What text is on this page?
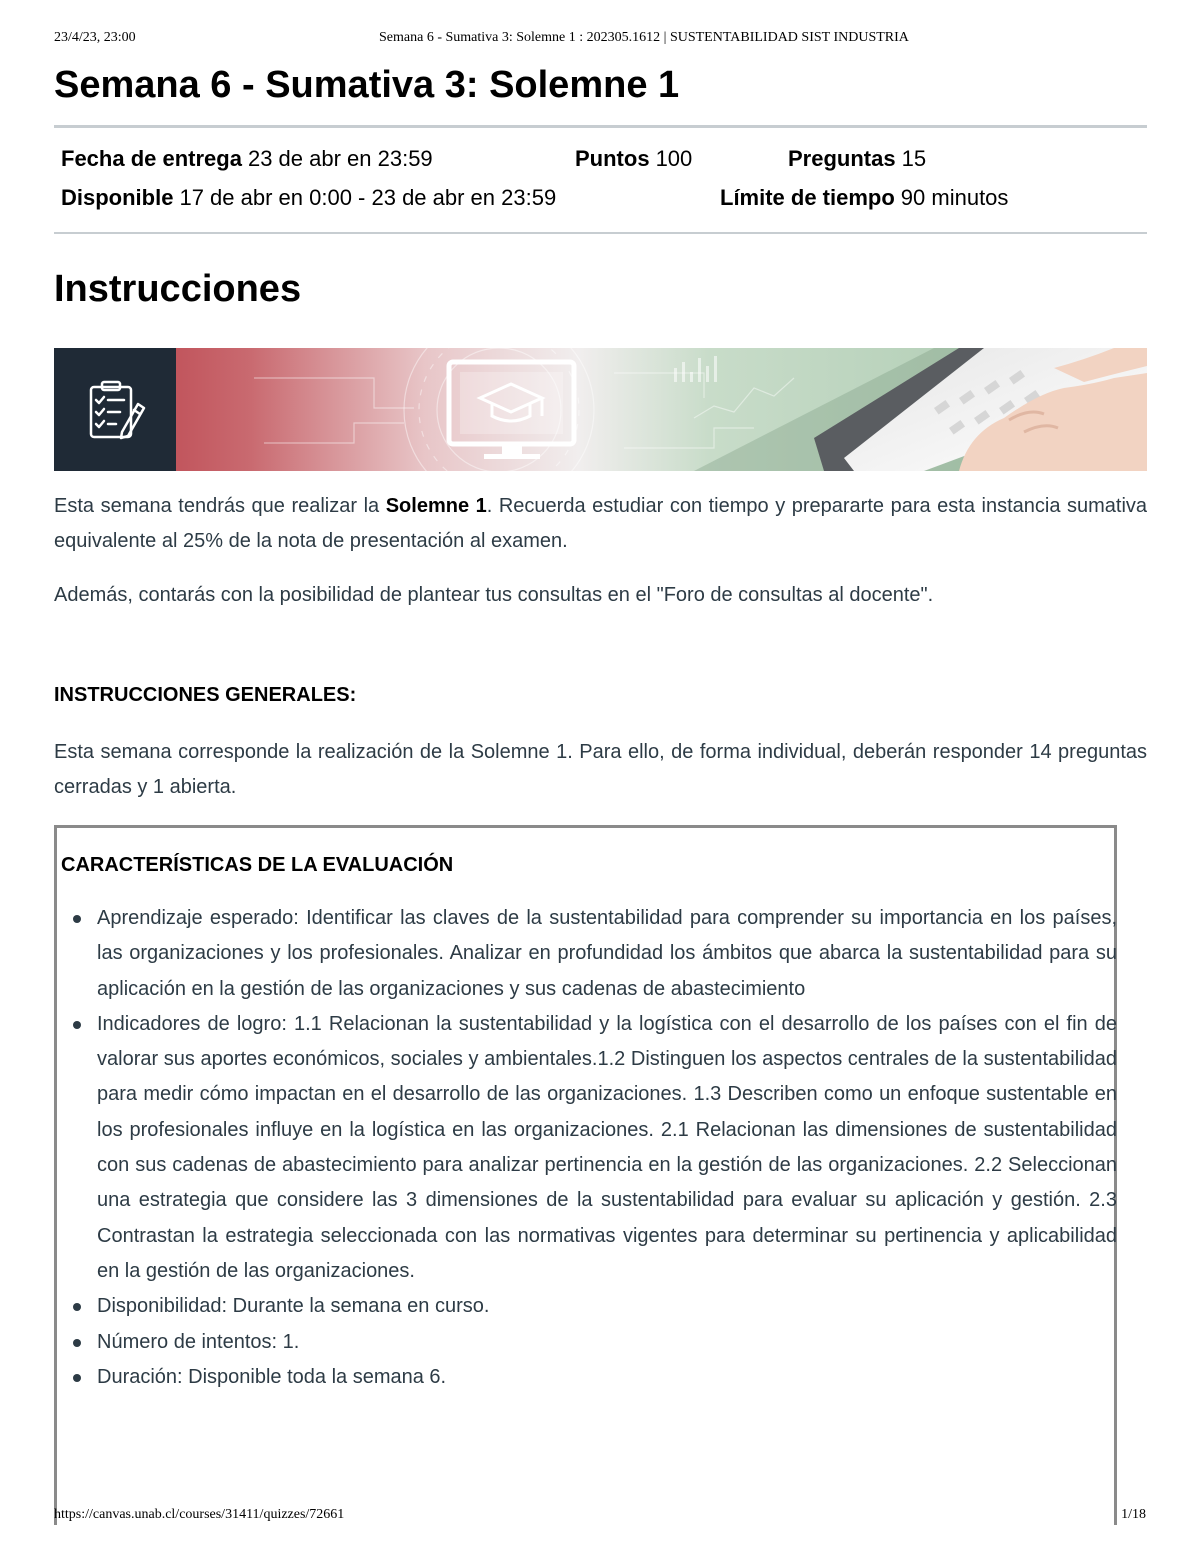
23/4/23, 23:00	Semana 6 - Sumativa 3: Solemne 1 : 202305.1612 | SUSTENTABILIDAD SIST INDUSTRIA
Semana 6 - Sumativa 3: Solemne 1
Fecha de entrega 23 de abr en 23:59	Puntos 100	Preguntas 15
Disponible 17 de abr en 0:00 - 23 de abr en 23:59	Límite de tiempo 90 minutos
Instrucciones

Esta semana tendrás que realizar la Solemne 1. Recuerda estudiar con tiempo y prepararte para esta instancia sumativa equivalente al 25% de la nota de presentación al examen.

Además, contarás con la posibilidad de plantear tus consultas en el "Foro de consultas al docente".

INSTRUCCIONES GENERALES:

Esta semana corresponde la realización de la Solemne 1. Para ello, de forma individual, deberán responder 14 preguntas cerradas y 1 abierta.

CARACTERÍSTICAS DE LA EVALUACIÓN

Aprendizaje esperado: Identificar las claves de la sustentabilidad para comprender su importancia en los países, las organizaciones y los profesionales. Analizar en profundidad los ámbitos que abarca la sustentabilidad para su aplicación en la gestión de las organizaciones y sus cadenas de abastecimiento
Indicadores de logro: 1.1 Relacionan la sustentabilidad y la logística con el desarrollo de los países con el fin de valorar sus aportes económicos, sociales y ambientales.1.2 Distinguen los aspectos centrales de la sustentabilidad para medir cómo impactan en el desarrollo de las organizaciones. 1.3 Describen como un enfoque sustentable en los profesionales influye en la logística en las organizaciones. 2.1 Relacionan las dimensiones de sustentabilidad con sus cadenas de abastecimiento para analizar pertinencia en la gestión de las organizaciones. 2.2 Seleccionan una estrategia que considere las 3 dimensiones de la sustentabilidad para evaluar su aplicación y gestión. 2.3 Contrastan la estrategia seleccionada con las normativas vigentes para determinar su pertinencia y aplicabilidad en la gestión de las organizaciones.
Disponibilidad: Durante la semana en curso.
Número de intentos: 1.
Duración: Disponible toda la semana 6.
https://canvas.unab.cl/courses/31411/quizzes/72661	1/18
